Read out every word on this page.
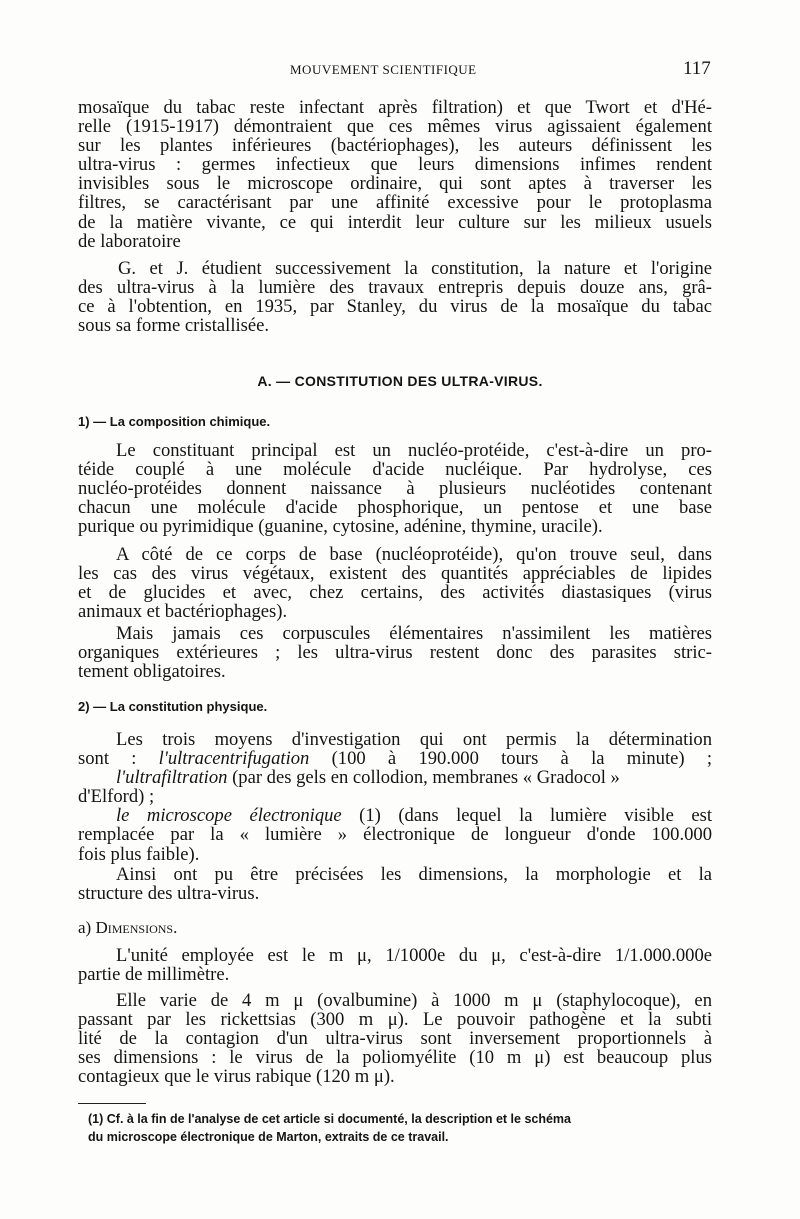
MOUVEMENT SCIENTIFIQUE	117
mosaïque du tabac reste infectant après filtration) et que Twort et d'Hé-
relle (1915-1917) démontraient que ces mêmes virus agissaient également
sur les plantes inférieures (bactériophages), les auteurs définissent les
ultra-virus : germes infectieux que leurs dimensions infimes rendent
invisibles sous le microscope ordinaire, qui sont aptes à traverser les
filtres, se caractérisant par une affinité excessive pour le protoplasma
de la matière vivante, ce qui interdit leur culture sur les milieux usuels
de laboratoire
G. et J. étudient successivement la constitution, la nature et l'origine
des ultra-virus à la lumière des travaux entrepris depuis douze ans, grâ-
ce à l'obtention, en 1935, par Stanley, du virus de la mosaïque du tabac
sous sa forme cristallisée.
A. — CONSTITUTION DES ULTRA-VIRUS.
1) — La composition chimique.
Le constituant principal est un nucléo-protéide, c'est-à-dire un pro-
téide couplé à une molécule d'acide nucléique. Par hydrolyse, ces
nucléo-protéides donnent naissance à plusieurs nucléotides contenant
chacun une molécule d'acide phosphorique, un pentose et une base
purique ou pyrimidique (guanine, cytosine, adénine, thymine, uracile).
A côté de ce corps de base (nucléoprotéide), qu'on trouve seul, dans
les cas des virus végétaux, existent des quantités appréciables de lipides
et de glucides et avec, chez certains, des activités diastasiques (virus
animaux et bactériophages).
Mais jamais ces corpuscules élémentaires n'assimilent les matières
organiques extérieures ; les ultra-virus restent donc des parasites stric-
tement obligatoires.
2) — La constitution physique.
Les trois moyens d'investigation qui ont permis la détermination
sont : l'ultracentrifugation (100 à 190.000 tours à la minute) ;
l'ultrafiltration (par des gels en collodion, membranes « Gradocol »
d'Elford) ;
le microscope électronique (1) (dans lequel la lumière visible est
remplacée par la « lumière » électronique de longueur d'onde 100.000
fois plus faible).
Ainsi ont pu être précisées les dimensions, la morphologie et la
structure des ultra-virus.
a) Dimensions.
L'unité employée est le m μ, 1/1000e du μ, c'est-à-dire 1/1.000.000e
partie de millimètre.
Elle varie de 4 m μ (ovalbumine) à 1000 m μ (staphylocoque), en
passant par les rickettsias (300 m μ). Le pouvoir pathogène et la subti
lité de la contagion d'un ultra-virus sont inversement proportionnels à
ses dimensions : le virus de la poliomyélite (10 m μ) est beaucoup plus
contagieux que le virus rabique (120 m μ).
(1) Cf. à la fin de l'analyse de cet article si documenté, la description et le schéma
du microscope électronique de Marton, extraits de ce travail.
